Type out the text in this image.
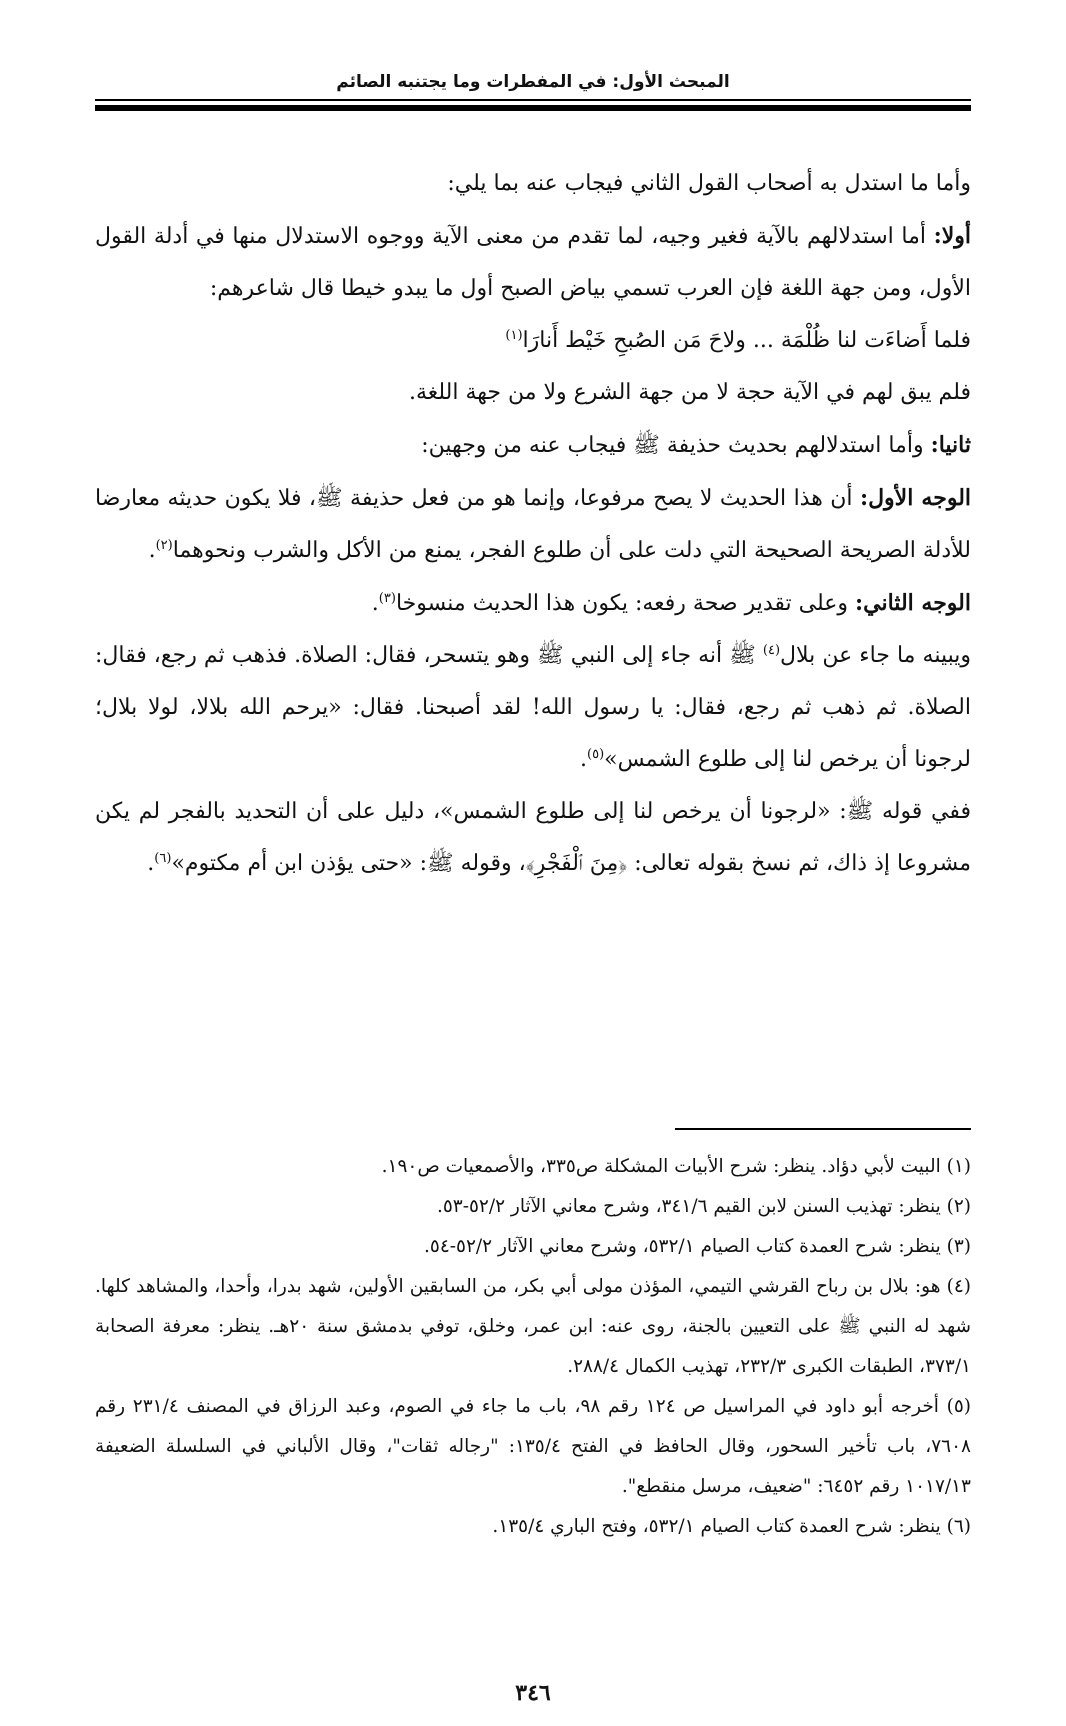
المبحث الأول: في المفطرات وما يجتنبه الصائم

وأما ما استدل به أصحاب القول الثاني فيجاب عنه بما يلي:

أولا: أما استدلالهم بالآية فغير وجيه، لما تقدم من معنى الآية ووجوه الاستدلال منها في أدلة القول الأول، ومن جهة اللغة فإن العرب تسمي بياض الصبح أول ما يبدو خيطا قال شاعرهم:

فلما أَضاءَت لنا ظُلْمَة ... ولاحَ مَن الصُبحِ خَيْط أَنارَا$^{(١)}$

فلم يبق لهم في الآية حجة لا من جهة الشرع ولا من جهة اللغة.

ثانيا: وأما استدلالهم بحديث حذيفة ﷺ فيجاب عنه من وجهين:

الوجه الأول: أن هذا الحديث لا يصح مرفوعا، وإنما هو من فعل حذيفة ﷺ، فلا يكون حديثه معارضا للأدلة الصريحة الصحيحة التي دلت على أن طلوع الفجر، يمنع من الأكل والشرب ونحوهما$^{(٢)}$.

الوجه الثاني: وعلى تقدير صحة رفعه: يكون هذا الحديث منسوخا$^{(٣)}$.

ويبينه ما جاء عن بلال$^{(٤)}$ ﷺ أنه جاء إلى النبي ﷺ وهو يتسحر، فقال: الصلاة. فذهب ثم رجع، فقال: الصلاة. ثم ذهب ثم رجع، فقال: يا رسول الله! لقد أصبحنا. فقال: «يرحم الله بلالا، لولا بلال؛ لرجونا أن يرخص لنا إلى طلوع الشمس»$^{(٥)}$.

ففي قوله ﷺ: «لرجونا أن يرخص لنا إلى طلوع الشمس»، دليل على أن التحديد بالفجر لم يكن مشروعا إذ ذاك، ثم نسخ بقوله تعالى: ﴿مِنَ ٱلْفَجْرِ﴾، وقوله ﷺ: «حتى يؤذن ابن أم مكتوم»$^{(٦)}$.

(١) البيت لأبي دؤاد. ينظر: شرح الأبيات المشكلة ص٣٣٥، والأصمعيات ص١٩٠.

(٢) ينظر: تهذيب السنن لابن القيم ٣٤١/٦، وشرح معاني الآثار ٥٢/٢-٥٣.

(٣) ينظر: شرح العمدة كتاب الصيام ٥٣٢/١، وشرح معاني الآثار ٥٢/٢-٥٤.

(٤) هو: بلال بن رباح القرشي التيمي، المؤذن مولى أبي بكر، من السابقين الأولين، شهد بدرا، وأحدا، والمشاهد كلها. شهد له النبي ﷺ على التعيين بالجنة، روى عنه: ابن عمر، وخلق، توفي بدمشق سنة ٢٠هـ. ينظر: معرفة الصحابة ٣٧٣/١، الطبقات الكبرى ٢٣٢/٣، تهذيب الكمال ٢٨٨/٤.

(٥) أخرجه أبو داود في المراسيل ص ١٢٤ رقم ٩٨، باب ما جاء في الصوم، وعبد الرزاق في المصنف ٢٣١/٤ رقم ٧٦٠٨، باب تأخير السحور، وقال الحافظ في الفتح ١٣٥/٤: "رجاله ثقات"، وقال الألباني في السلسلة الضعيفة ١٠١٧/١٣ رقم ٦٤٥٢: "ضعيف، مرسل منقطع".

(٦) ينظر: شرح العمدة كتاب الصيام ٥٣٢/١، وفتح الباري ١٣٥/٤.

٣٤٦
